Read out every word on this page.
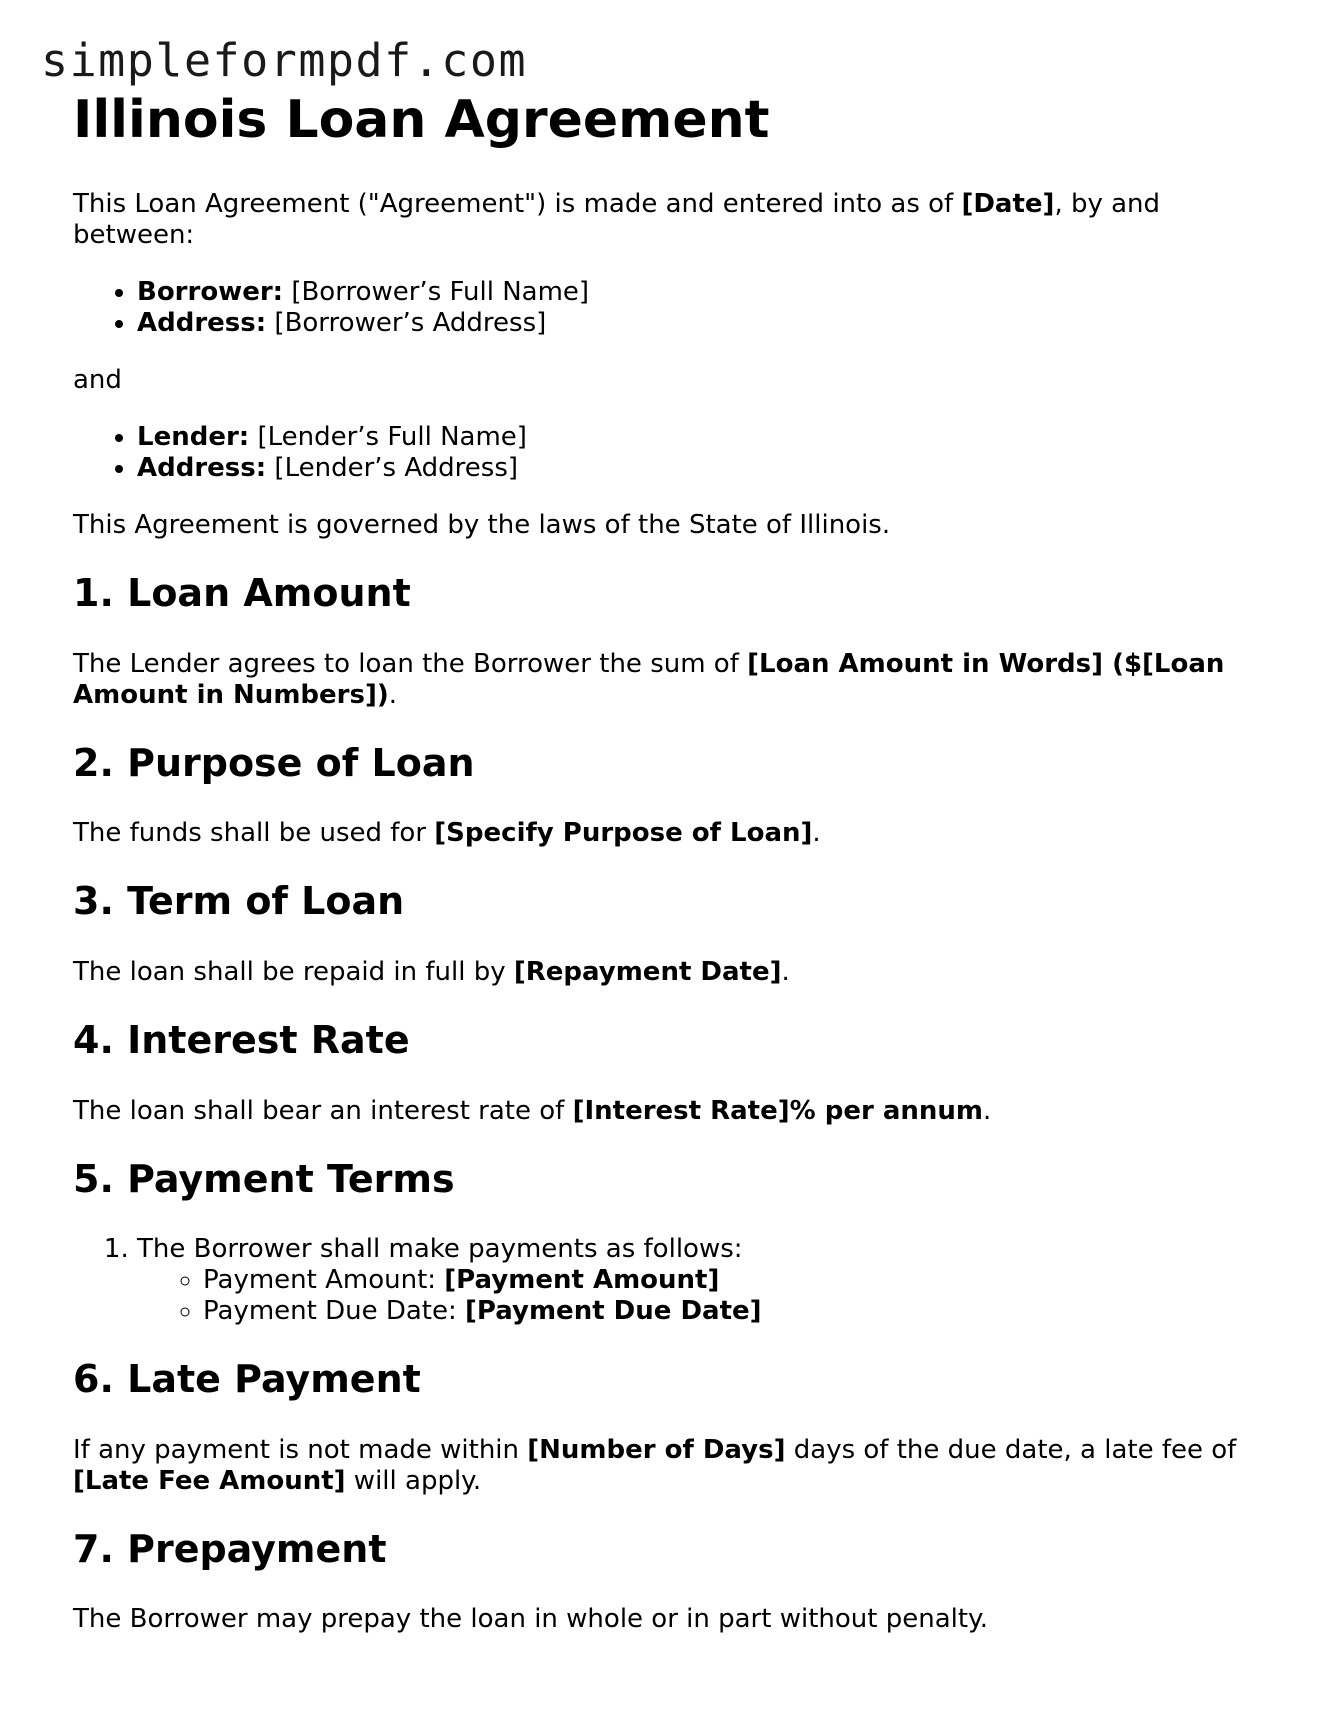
simpleformpdf.com
Illinois Loan Agreement

This Loan Agreement ("Agreement") is made and entered into as of [Date], by and between:

• Borrower: [Borrower’s Full Name]
• Address: [Borrower’s Address]

and

• Lender: [Lender’s Full Name]
• Address: [Lender’s Address]

This Agreement is governed by the laws of the State of Illinois.

1. Loan Amount

The Lender agrees to loan the Borrower the sum of [Loan Amount in Words] ($[Loan Amount in Numbers]).

2. Purpose of Loan

The funds shall be used for [Specify Purpose of Loan].

3. Term of Loan

The loan shall be repaid in full by [Repayment Date].

4. Interest Rate

The loan shall bear an interest rate of [Interest Rate]% per annum.

5. Payment Terms
1. The Borrower shall make payments as follows:
◦ Payment Amount: [Payment Amount]
◦ Payment Due Date: [Payment Due Date]
6. Late Payment

If any payment is not made within [Number of Days] days of the due date, a late fee of [Late Fee Amount] will apply.

7. Prepayment

The Borrower may prepay the loan in whole or in part without penalty.
